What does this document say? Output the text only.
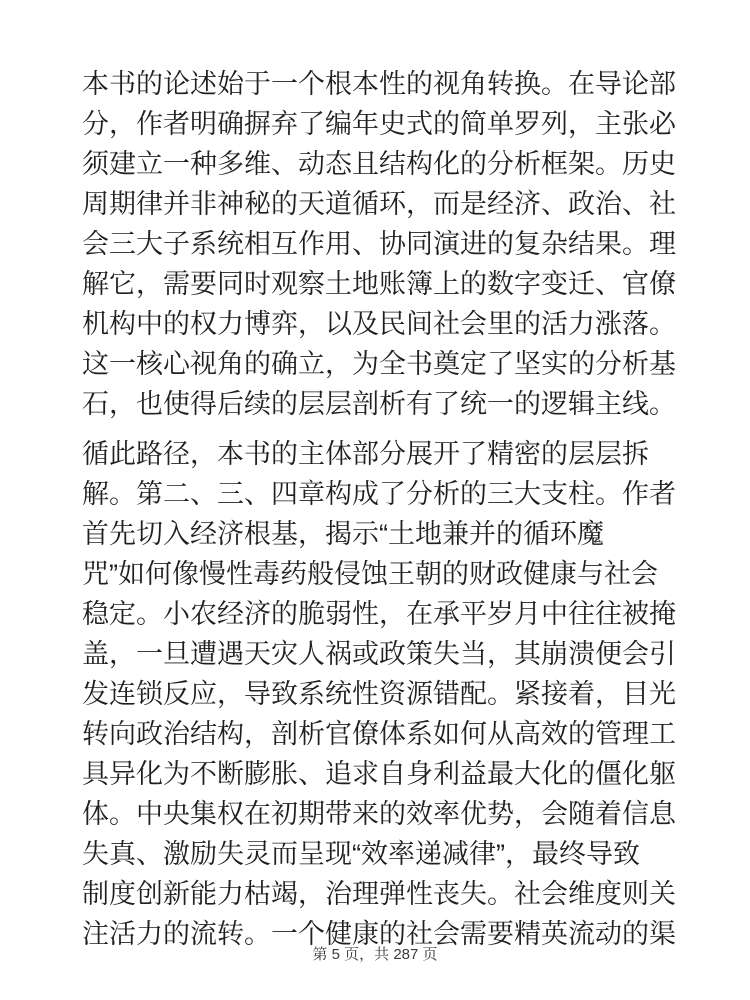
本书的论述始于一个根本性的视角转换。在导论部
分，作者明确摒弃了编年史式的简单罗列，主张必
须建立一种多维、动态且结构化的分析框架。历史
周期律并非神秘的天道循环，而是经济、政治、社
会三大子系统相互作用、协同演进的复杂结果。理
解它，需要同时观察土地账簿上的数字变迁、官僚
机构中的权力博弈，以及民间社会里的活力涨落。
这一核心视角的确立，为全书奠定了坚实的分析基
石，也使得后续的层层剖析有了统一的逻辑主线。
循此路径，本书的主体部分展开了精密的层层拆
解。第二、三、四章构成了分析的三大支柱。作者
首先切入经济根基，揭示“土地兼并的循环魔
咒”如何像慢性毒药般侵蚀王朝的财政健康与社会
稳定。小农经济的脆弱性，在承平岁月中往往被掩
盖，一旦遭遇天灾人祸或政策失当，其崩溃便会引
发连锁反应，导致系统性资源错配。紧接着，目光
转向政治结构，剖析官僚体系如何从高效的管理工
具异化为不断膨胀、追求自身利益最大化的僵化躯
体。中央集权在初期带来的效率优势，会随着信息
失真、激励失灵而呈现“效率递减律”，最终导致
制度创新能力枯竭，治理弹性丧失。社会维度则关
注活力的流转。一个健康的社会需要精英流动的渠
第 5 页，共 287 页
